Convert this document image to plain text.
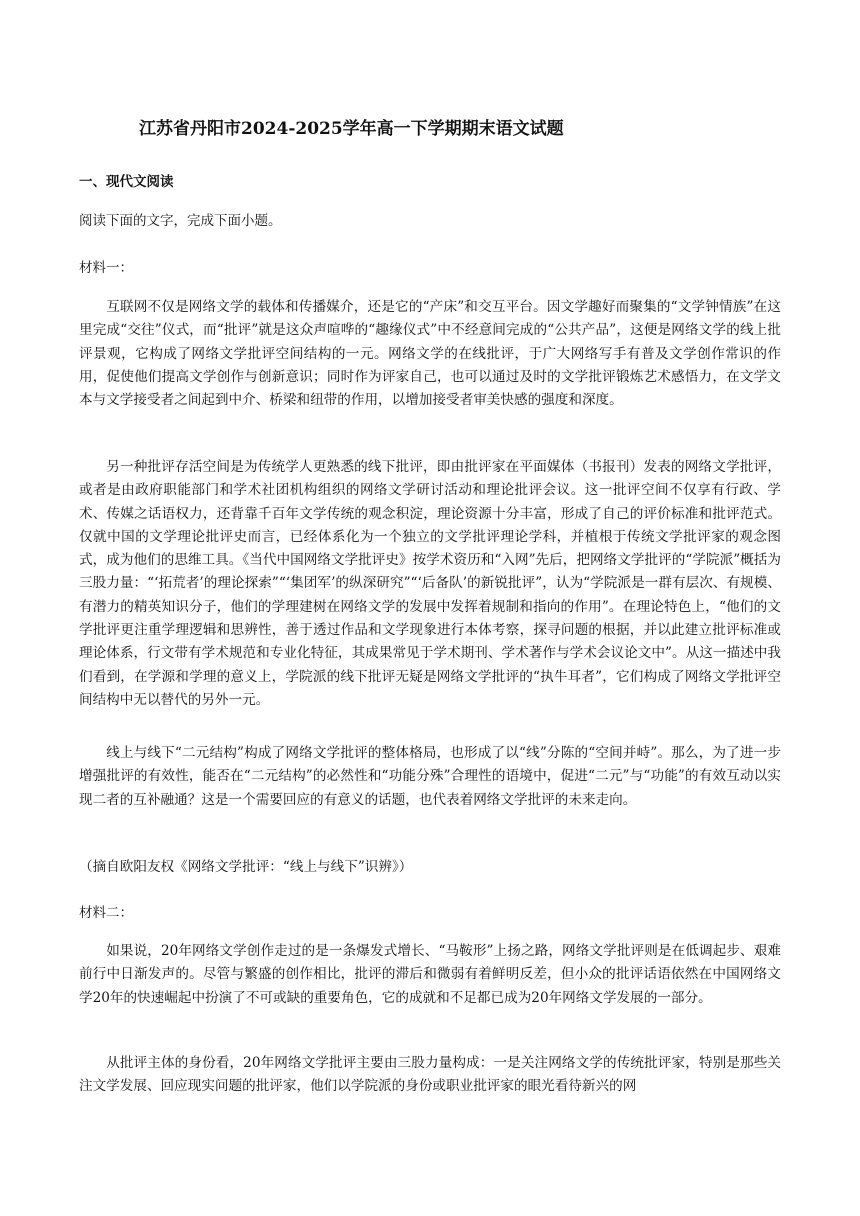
江苏省丹阳市2024-2025学年高一下学期期末语文试题
一、现代文阅读
阅读下面的文字，完成下面小题。
材料一：
互联网不仅是网络文学的载体和传播媒介，还是它的“产床”和交互平台。因文学趣好而聚集的“文学钟情族”在这里完成“交往”仪式，而“批评”就是这众声喧哗的“趣缘仪式”中不经意间完成的“公共产品”，这便是网络文学的线上批评景观，它构成了网络文学批评空间结构的一元。网络文学的在线批评，于广大网络写手有普及文学创作常识的作用，促使他们提高文学创作与创新意识；同时作为评家自己，也可以通过及时的文学批评锻炼艺术感悟力，在文学文本与文学接受者之间起到中介、桥梁和纽带的作用，以增加接受者审美快感的强度和深度。
另一种批评存活空间是为传统学人更熟悉的线下批评，即由批评家在平面媒体（书报刊）发表的网络文学批评，或者是由政府职能部门和学术社团机构组织的网络文学研讨活动和理论批评会议。这一批评空间不仅享有行政、学术、传媒之话语权力，还背靠千百年文学传统的观念积淀，理论资源十分丰富，形成了自己的评价标准和批评范式。仅就中国的文学理论批评史而言，已经体系化为一个独立的文学批评理论学科，并植根于传统文学批评家的观念图式，成为他们的思维工具。《当代中国网络文学批评史》按学术资历和“入网”先后，把网络文学批评的“学院派”概括为三股力量：“‘拓荒者’的理论探索”“‘集团军’的纵深研究”“‘后备队’的新锐批评”，认为“学院派是一群有层次、有规模、有潜力的精英知识分子，他们的学理建树在网络文学的发展中发挥着规制和指向的作用”。在理论特色上，“他们的文学批评更注重学理逻辑和思辨性，善于透过作品和文学现象进行本体考察，探寻问题的根据，并以此建立批评标准或理论体系，行文带有学术规范和专业化特征，其成果常见于学术期刊、学术著作与学术会议论文中”。从这一描述中我们看到，在学源和学理的意义上，学院派的线下批评无疑是网络文学批评的“执牛耳者”，它们构成了网络文学批评空间结构中无以替代的另外一元。
线上与线下“二元结构”构成了网络文学批评的整体格局，也形成了以“线”分陈的“空间并峙”。那么，为了进一步增强批评的有效性，能否在“二元结构”的必然性和“功能分殊”合理性的语境中，促进“二元”与“功能”的有效互动以实现二者的互补融通？这是一个需要回应的有意义的话题，也代表着网络文学批评的未来走向。
（摘自欧阳友权《网络文学批评：“线上与线下”识辨》）
材料二：
如果说，20年网络文学创作走过的是一条爆发式增长、“马鞍形”上扬之路，网络文学批评则是在低调起步、艰难前行中日渐发声的。尽管与繁盛的创作相比，批评的滞后和微弱有着鲜明反差，但小众的批评话语依然在中国网络文学20年的快速崛起中扮演了不可或缺的重要角色，它的成就和不足都已成为20年网络文学发展的一部分。
从批评主体的身份看，20年网络文学批评主要由三股力量构成：一是关注网络文学的传统批评家，特别是那些关注文学发展、回应现实问题的批评家，他们以学院派的身份或职业批评家的眼光看待新兴的网
